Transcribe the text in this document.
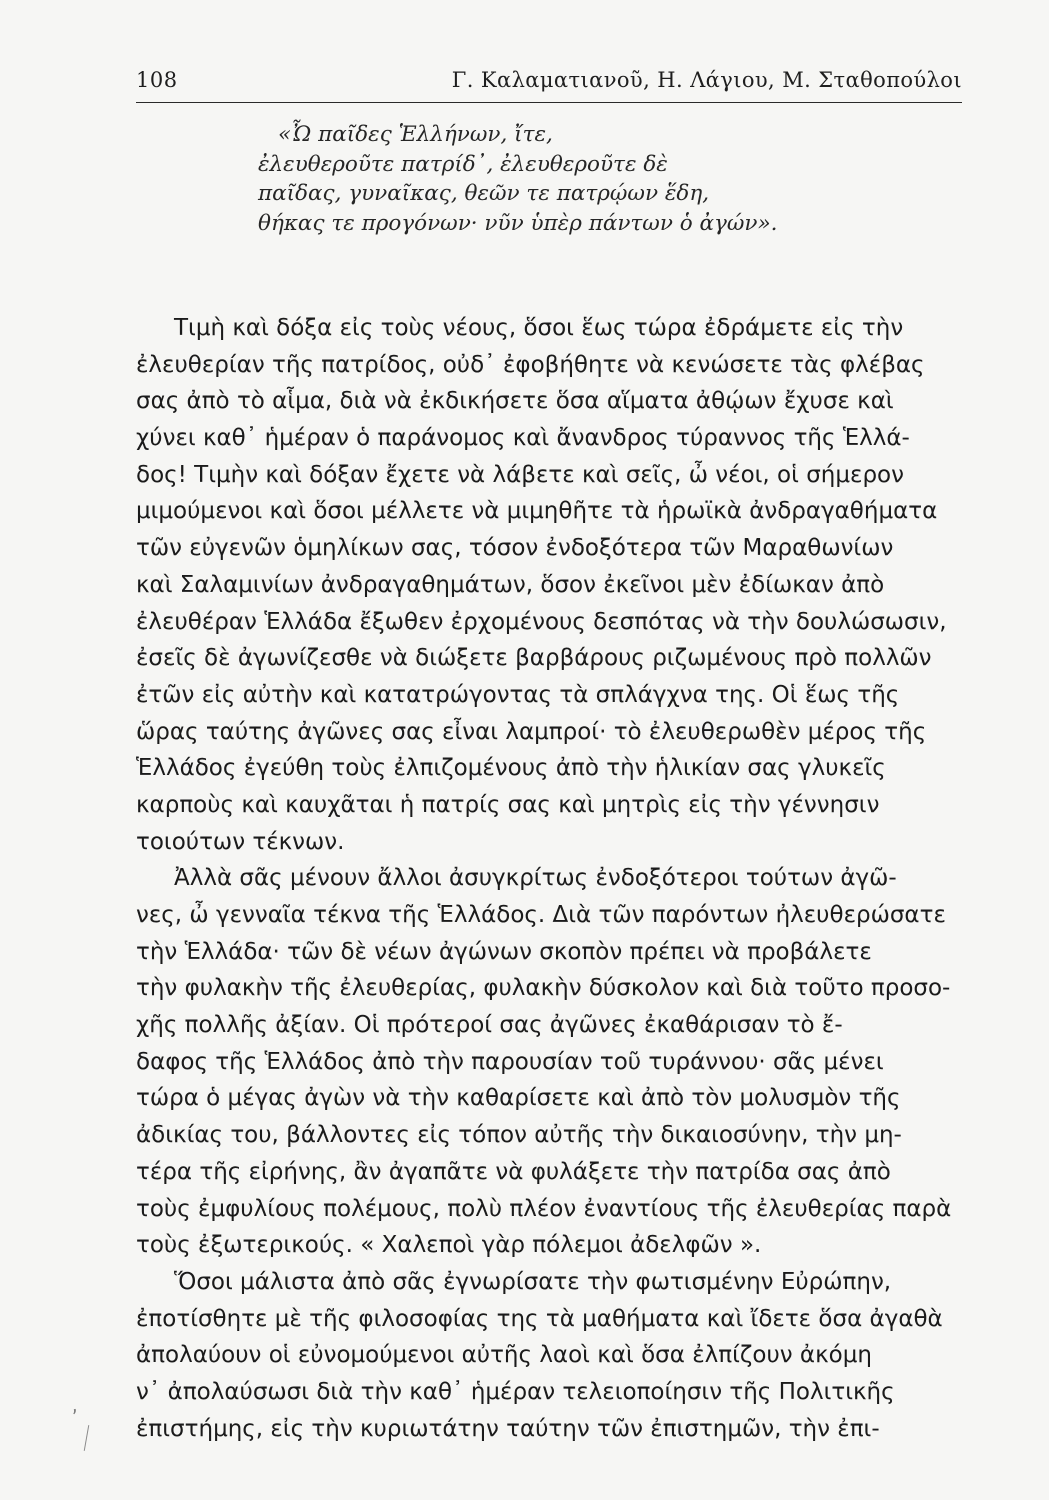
108	Γ. Καλαματιανοῦ, Η. Λάγιου, Μ. Σταθοπούλοι
«Ὦ παῖδες Ἑλλήνων, ἴτε,
ἐλευθεροῦτε πατρίδ᾽, ἐλευθεροῦτε δὲ
παῖδας, γυναῖκας, θεῶν τε πατρῴων ἕδη,
θήκας τε προγόνων· νῦν ὑπὲρ πάντων ὁ ἀγών».
Τιμὴ καὶ δόξα εἰς τοὺς νέους, ὅσοι ἕως τώρα ἐδράμετε εἰς τὴν
ἐλευθερίαν τῆς πατρίδος, οὐδ᾽ ἐφοβήθητε νὰ κενώσετε τὰς φλέβας
σας ἀπὸ τὸ αἷμα, διὰ νὰ ἐκδικήσετε ὅσα αἵματα ἀθῴων ἔχυσε καὶ
χύνει καθ᾽ ἡμέραν ὁ παράνομος καὶ ἄνανδρος τύραννος τῆς Ἑλλά-
δος! Τιμὴν καὶ δόξαν ἔχετε νὰ λάβετε καὶ σεῖς, ὦ νέοι, οἱ σήμερον
μιμούμενοι καὶ ὅσοι μέλλετε νὰ μιμηθῆτε τὰ ἡρωϊκὰ ἀνδραγαθήματα
τῶν εὐγενῶν ὁμηλίκων σας, τόσον ἐνδοξότερα τῶν Μαραθωνίων
καὶ Σαλαμινίων ἀνδραγαθημάτων, ὅσον ἐκεῖνοι μὲν ἐδίωκαν ἀπὸ
ἐλευθέραν Ἑλλάδα ἔξωθεν ἐρχομένους δεσπότας νὰ τὴν δουλώσωσιν,
ἐσεῖς δὲ ἀγωνίζεσθε νὰ διώξετε βαρβάρους ριζωμένους πρὸ πολλῶν
ἐτῶν εἰς αὐτὴν καὶ κατατρώγοντας τὰ σπλάγχνα της. Οἱ ἕως τῆς
ὥρας ταύτης ἀγῶνες σας εἶναι λαμπροί· τὸ ἐλευθερωθὲν μέρος τῆς
Ἑλλάδος ἐγεύθη τοὺς ἐλπιζομένους ἀπὸ τὴν ἡλικίαν σας γλυκεῖς
καρποὺς καὶ καυχᾶται ἡ πατρίς σας καὶ μητρὶς εἰς τὴν γέννησιν
τοιούτων τέκνων.
Ἀλλὰ σᾶς μένουν ἄλλοι ἀσυγκρίτως ἐνδοξότεροι τούτων ἀγῶ-
νες, ὦ γενναῖα τέκνα τῆς Ἑλλάδος. Διὰ τῶν παρόντων ἠλευθερώσατε
τὴν Ἑλλάδα· τῶν δὲ νέων ἀγώνων σκοπὸν πρέπει νὰ προβάλετε
τὴν φυλακὴν τῆς ἐλευθερίας, φυλακὴν δύσκολον καὶ διὰ τοῦτο προσο-
χῆς πολλῆς ἀξίαν. Οἱ πρότεροί σας ἀγῶνες ἐκαθάρισαν τὸ ἔ-
δαφος τῆς Ἑλλάδος ἀπὸ τὴν παρουσίαν τοῦ τυράννου· σᾶς μένει
τώρα ὁ μέγας ἀγὼν νὰ τὴν καθαρίσετε καὶ ἀπὸ τὸν μολυσμὸν τῆς
ἀδικίας του, βάλλοντες εἰς τόπον αὐτῆς τὴν δικαιοσύνην, τὴν μη-
τέρα τῆς εἰρήνης, ἂν ἀγαπᾶτε νὰ φυλάξετε τὴν πατρίδα σας ἀπὸ
τοὺς ἐμφυλίους πολέμους, πολὺ πλέον ἐναντίους τῆς ἐλευθερίας παρὰ
τοὺς ἐξωτερικούς. « Χαλεποὶ γὰρ πόλεμοι ἀδελφῶν ».
Ὅσοι μάλιστα ἀπὸ σᾶς ἐγνωρίσατε τὴν φωτισμένην Εὐρώπην,
ἐποτίσθητε μὲ τῆς φιλοσοφίας της τὰ μαθήματα καὶ ἴδετε ὅσα ἀγαθὰ
ἀπολαύουν οἱ εὐνομούμενοι αὐτῆς λαοὶ καὶ ὅσα ἐλπίζουν ἀκόμη
ν᾽ ἀπολαύσωσι διὰ τὴν καθ᾽ ἡμέραν τελειοποίησιν τῆς Πολιτικῆς
ἐπιστήμης, εἰς τὴν κυριωτάτην ταύτην τῶν ἐπιστημῶν, τὴν ἐπι-
ʼ
